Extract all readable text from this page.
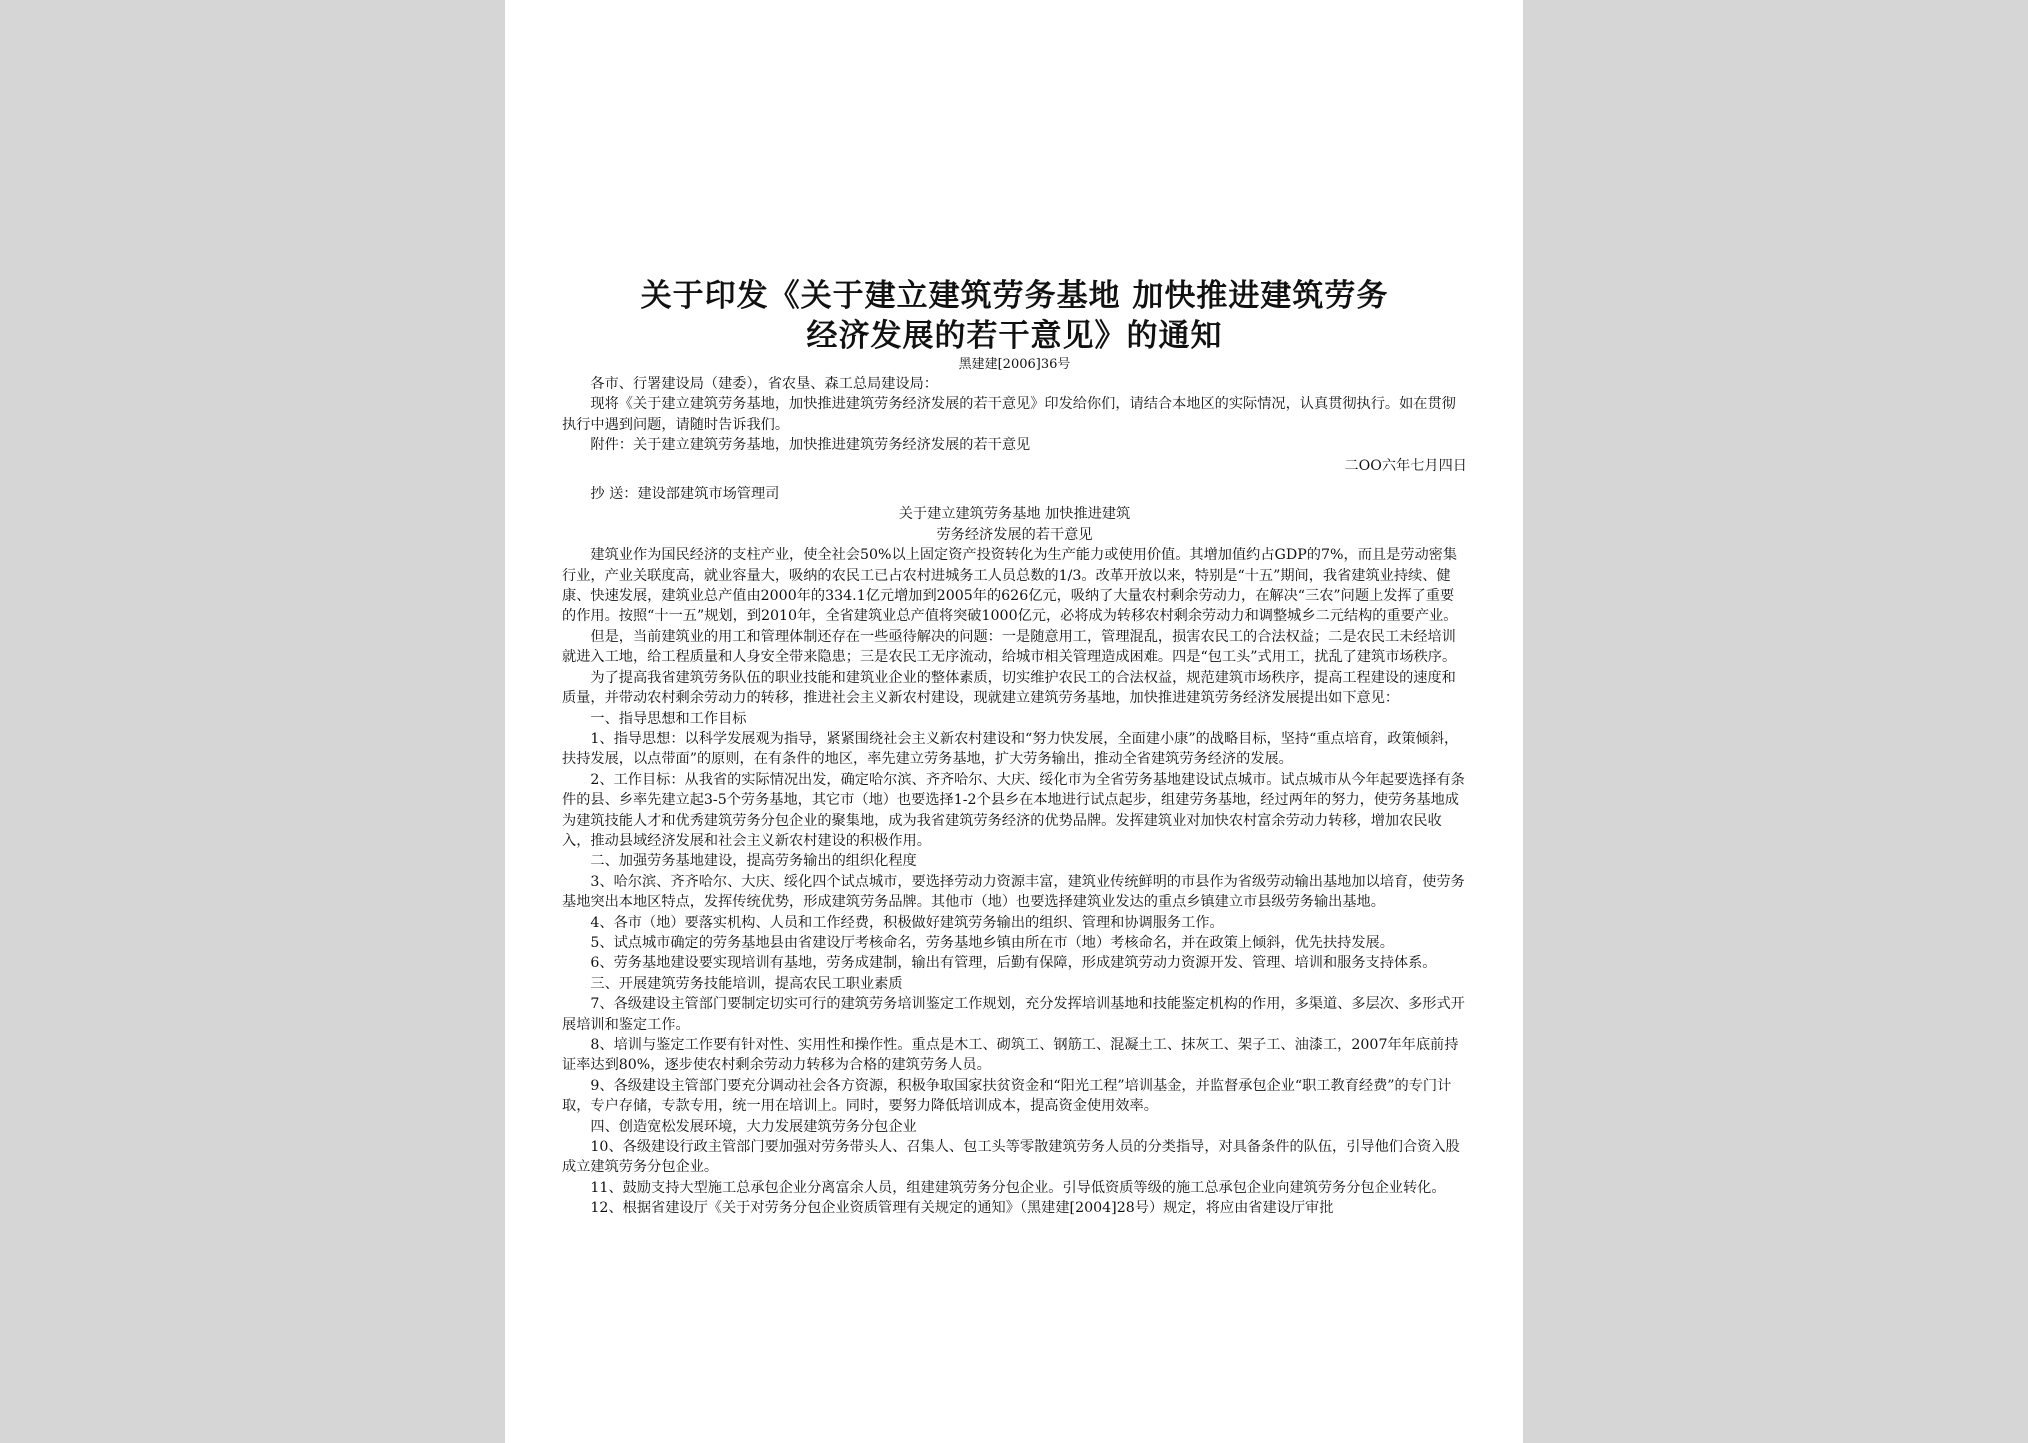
关于印发《关于建立建筑劳务基地 加快推进建筑劳务

经济发展的若干意见》的通知

黑建建[2006]36号

各市、行署建设局（建委），省农垦、森工总局建设局：

现将《关于建立建筑劳务基地，加快推进建筑劳务经济发展的若干意见》印发给你们，请结合本地区的实际情况，认真贯彻执行。如在贯彻执行中遇到问题，请随时告诉我们。

附件：关于建立建筑劳务基地，加快推进建筑劳务经济发展的若干意见

二OO六年七月四日

抄 送：建设部建筑市场管理司

关于建立建筑劳务基地 加快推进建筑

劳务经济发展的若干意见

建筑业作为国民经济的支柱产业，使全社会50%以上固定资产投资转化为生产能力或使用价值。其增加值约占GDP的7%，而且是劳动密集行业，产业关联度高，就业容量大，吸纳的农民工已占农村进城务工人员总数的1/3。改革开放以来，特别是“十五”期间，我省建筑业持续、健康、快速发展，建筑业总产值由2000年的334.1亿元增加到2005年的626亿元，吸纳了大量农村剩余劳动力，在解决“三农”问题上发挥了重要的作用。按照“十一五”规划，到2010年，全省建筑业总产值将突破1000亿元，必将成为转移农村剩余劳动力和调整城乡二元结构的重要产业。

但是，当前建筑业的用工和管理体制还存在一些亟待解决的问题：一是随意用工，管理混乱，损害农民工的合法权益；二是农民工未经培训就进入工地，给工程质量和人身安全带来隐患；三是农民工无序流动，给城市相关管理造成困难。四是“包工头”式用工，扰乱了建筑市场秩序。

为了提高我省建筑劳务队伍的职业技能和建筑业企业的整体素质，切实维护农民工的合法权益，规范建筑市场秩序，提高工程建设的速度和质量，并带动农村剩余劳动力的转移，推进社会主义新农村建设，现就建立建筑劳务基地，加快推进建筑劳务经济发展提出如下意见：

一、指导思想和工作目标

1、指导思想：以科学发展观为指导，紧紧围绕社会主义新农村建设和“努力快发展，全面建小康”的战略目标，坚持“重点培育，政策倾斜，扶持发展，以点带面”的原则，在有条件的地区，率先建立劳务基地，扩大劳务输出，推动全省建筑劳务经济的发展。

2、工作目标：从我省的实际情况出发，确定哈尔滨、齐齐哈尔、大庆、绥化市为全省劳务基地建设试点城市。试点城市从今年起要选择有条件的县、乡率先建立起3-5个劳务基地，其它市（地）也要选择1-2个县乡在本地进行试点起步，组建劳务基地，经过两年的努力，使劳务基地成为建筑技能人才和优秀建筑劳务分包企业的聚集地，成为我省建筑劳务经济的优势品牌。发挥建筑业对加快农村富余劳动力转移，增加农民收入，推动县域经济发展和社会主义新农村建设的积极作用。

二、加强劳务基地建设，提高劳务输出的组织化程度

3、哈尔滨、齐齐哈尔、大庆、绥化四个试点城市，要选择劳动力资源丰富，建筑业传统鲜明的市县作为省级劳动输出基地加以培育，使劳务基地突出本地区特点，发挥传统优势，形成建筑劳务品牌。其他市（地）也要选择建筑业发达的重点乡镇建立市县级劳务输出基地。

4、各市（地）要落实机构、人员和工作经费，积极做好建筑劳务输出的组织、管理和协调服务工作。

5、试点城市确定的劳务基地县由省建设厅考核命名，劳务基地乡镇由所在市（地）考核命名，并在政策上倾斜，优先扶持发展。

6、劳务基地建设要实现培训有基地，劳务成建制，输出有管理，后勤有保障，形成建筑劳动力资源开发、管理、培训和服务支持体系。

三、开展建筑劳务技能培训，提高农民工职业素质

7、各级建设主管部门要制定切实可行的建筑劳务培训鉴定工作规划，充分发挥培训基地和技能鉴定机构的作用，多渠道、多层次、多形式开展培训和鉴定工作。

8、培训与鉴定工作要有针对性、实用性和操作性。重点是木工、砌筑工、钢筋工、混凝土工、抹灰工、架子工、油漆工，2007年年底前持证率达到80%，逐步使农村剩余劳动力转移为合格的建筑劳务人员。

9、各级建设主管部门要充分调动社会各方资源，积极争取国家扶贫资金和“阳光工程”培训基金，并监督承包企业“职工教育经费”的专门计取，专户存储，专款专用，统一用在培训上。同时，要努力降低培训成本，提高资金使用效率。

四、创造宽松发展环境，大力发展建筑劳务分包企业

10、各级建设行政主管部门要加强对劳务带头人、召集人、包工头等零散建筑劳务人员的分类指导，对具备条件的队伍，引导他们合资入股成立建筑劳务分包企业。

11、鼓励支持大型施工总承包企业分离富余人员，组建建筑劳务分包企业。引导低资质等级的施工总承包企业向建筑劳务分包企业转化。

12、根据省建设厅《关于对劳务分包企业资质管理有关规定的通知》（黑建建[2004]28号）规定，将应由省建设厅审批
